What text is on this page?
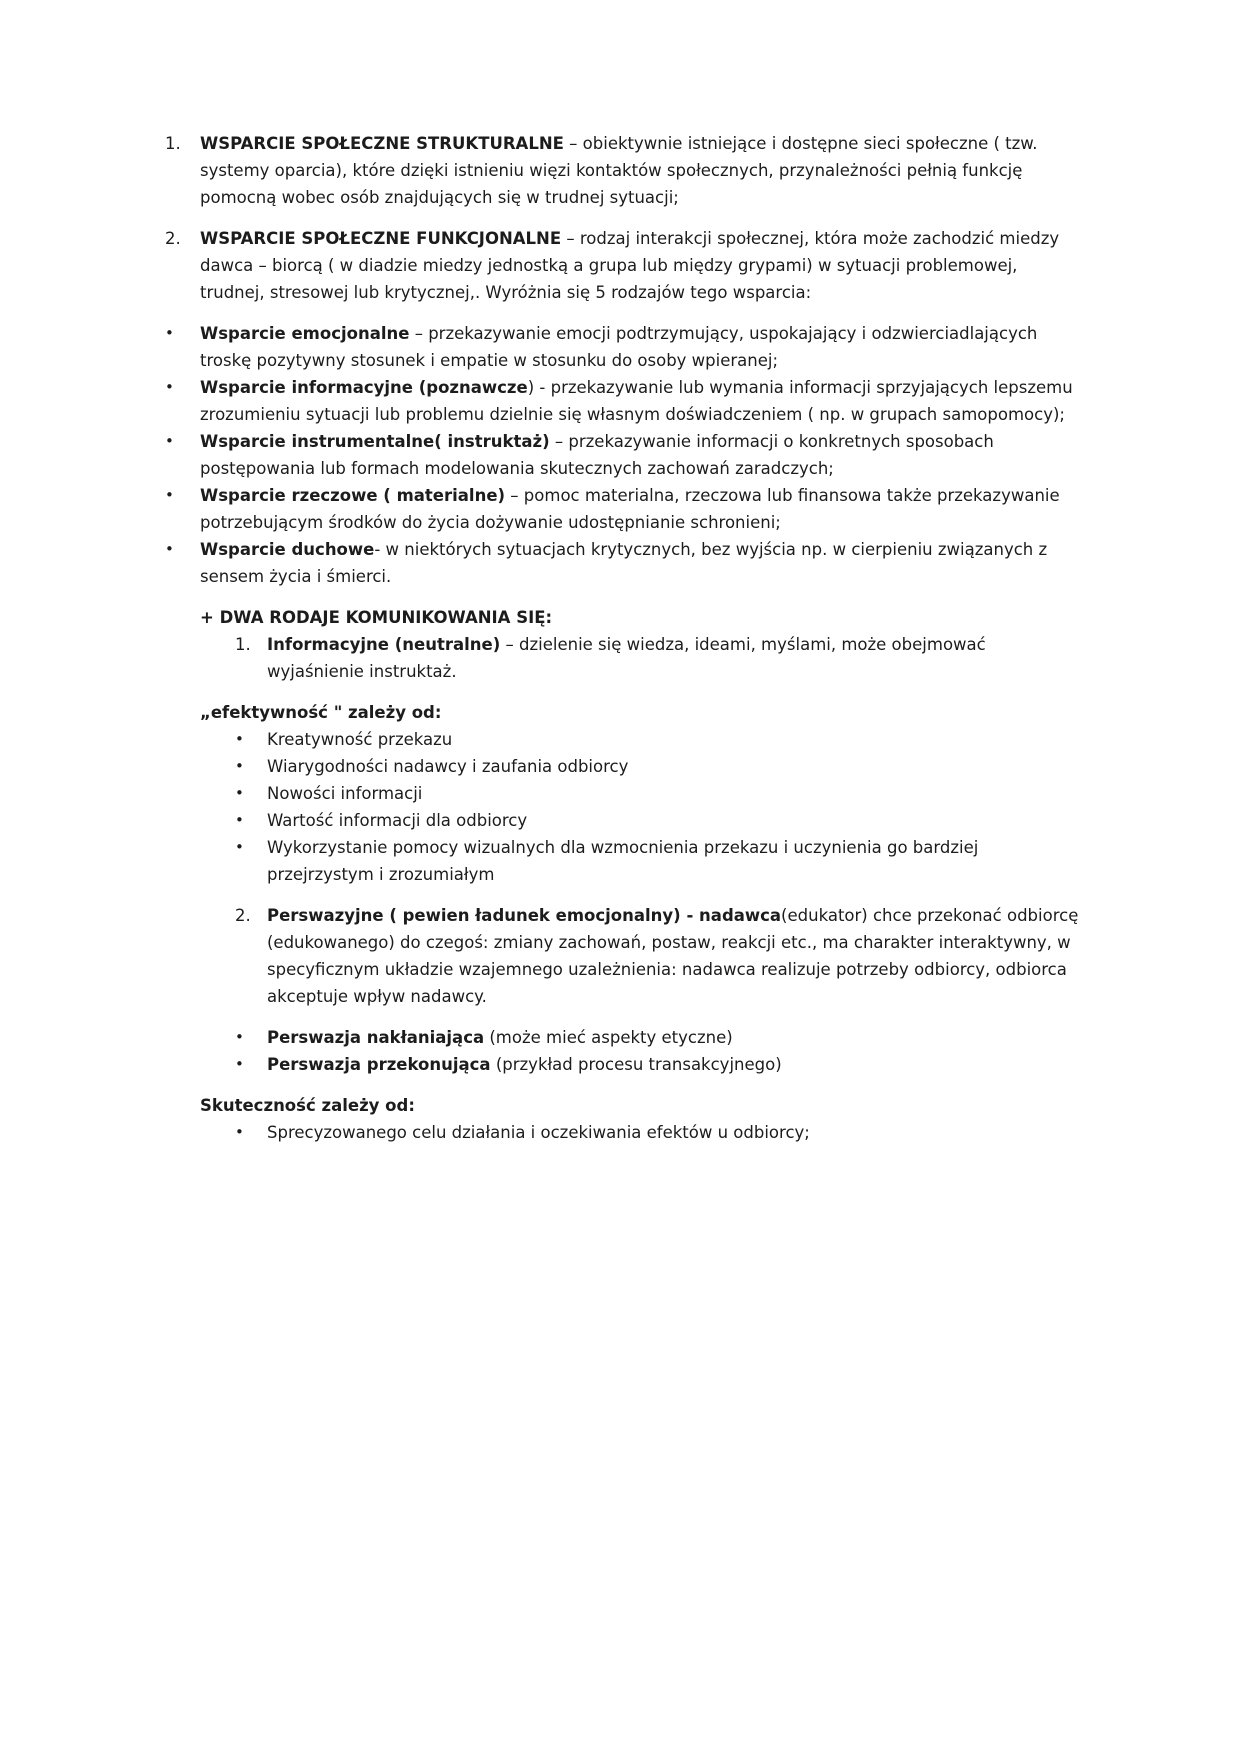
1.	WSPARCIE SPOŁECZNE STRUKTURALNE – obiektywnie istniejące i dostępne sieci społeczne ( tzw. systemy oparcia), które dzięki istnieniu więzi kontaktów społecznych, przynależności pełnią funkcję pomocną wobec osób znajdujących się w trudnej sytuacji;
2.	WSPARCIE SPOŁECZNE FUNKCJONALNE – rodzaj interakcji społecznej, która może zachodzić miedzy dawca – biorcą ( w diadzie miedzy jednostką a grupa lub między grypami) w sytuacji problemowej, trudnej, stresowej lub krytycznej,. Wyróżnia się 5 rodzajów tego wsparcia:
•	Wsparcie emocjonalne – przekazywanie emocji podtrzymujący, uspokajający i odzwierciadlających troskę pozytywny stosunek i empatie w stosunku do osoby wpieranej;
•	Wsparcie informacyjne (poznawcze) - przekazywanie lub wymania informacji sprzyjających lepszemu zrozumieniu sytuacji lub problemu dzielnie się własnym doświadczeniem ( np. w grupach samopomocy);
•	Wsparcie instrumentalne( instruktaż) – przekazywanie informacji o konkretnych sposobach postępowania lub formach modelowania skutecznych zachowań zaradczych;
•	Wsparcie rzeczowe ( materialne) – pomoc materialna, rzeczowa lub finansowa także przekazywanie potrzebującym środków do życia dożywanie udostępnianie schronieni;
•	Wsparcie duchowe- w niektórych sytuacjach krytycznych, bez wyjścia np. w cierpieniu związanych z sensem życia i śmierci.
+ DWA RODAJE KOMUNIKOWANIA SIĘ:
1. Informacyjne (neutralne) – dzielenie się wiedza, ideami, myślami, może obejmować wyjaśnienie instruktaż.
„efektywność " zależy od:
•	Kreatywność przekazu
•	Wiarygodności nadawcy i zaufania odbiorcy
•	Nowości informacji
•	Wartość informacji dla odbiorcy
•	Wykorzystanie pomocy wizualnych dla wzmocnienia przekazu i uczynienia go bardziej przejrzystym i zrozumiałym
2. Perswazyjne ( pewien ładunek emocjonalny) - nadawca(edukator) chce przekonać odbiorcę (edukowanego) do czegoś: zmiany zachowań, postaw, reakcji etc., ma charakter interaktywny, w specyficznym układzie wzajemnego uzależnienia: nadawca realizuje potrzeby odbiorcy, odbiorca akceptuje wpływ nadawcy.
•	Perswazja nakłaniająca (może mieć aspekty etyczne)
•	Perswazja przekonująca (przykład procesu transakcyjnego)
Skuteczność zależy od:
•	Sprecyzowanego celu działania i oczekiwania efektów u odbiorcy;
